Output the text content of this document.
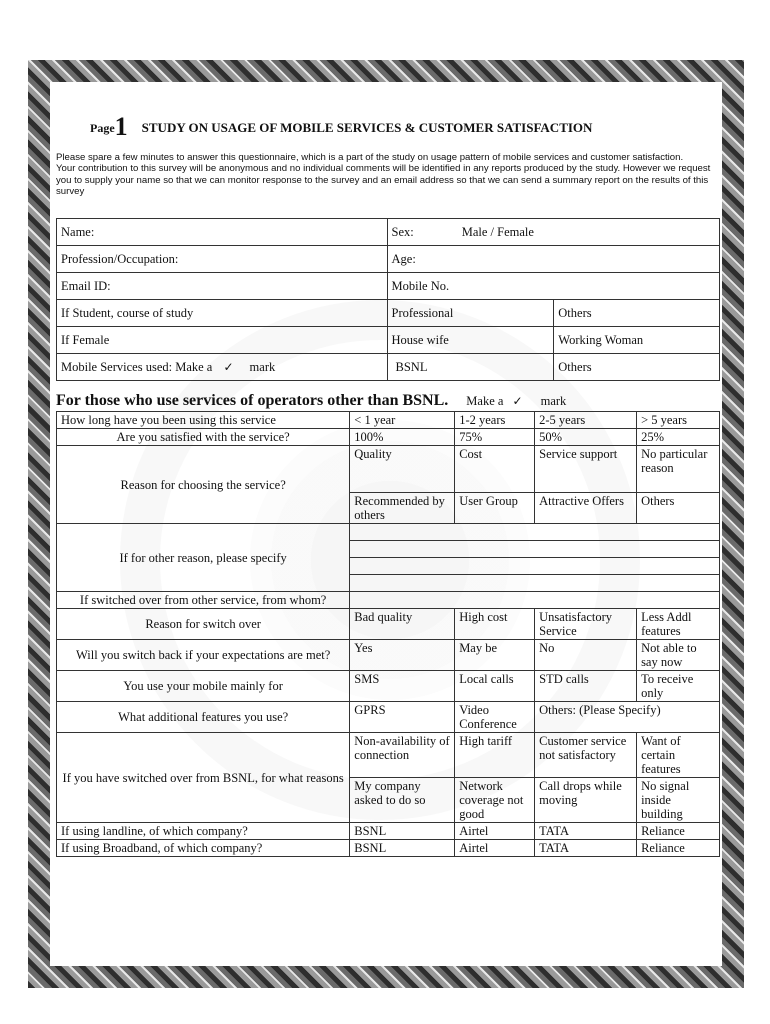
Page1 STUDY ON USAGE OF MOBILE SERVICES & CUSTOMER SATISFACTION
Please spare a few minutes to answer this questionnaire, which is a part of the study on usage pattern of mobile services and customer satisfaction.
Your contribution to this survey will be anonymous and no individual comments will be identified in any reports produced by the study. However we request you to supply your name so that we can monitor response to the survey and an email address so that we can send a summary report on the results of this survey
Name:	Sex: Male / Female	
Profession/Occupation:	Age:	
Email ID:	Mobile No.	
If Student, course of study	Professional	Others
If Female	House wife	Working Woman
Mobile Services used: Make a ✓ mark	BSNL	Others
For those who use services of operators other than BSNL. Make a ✓ mark
How long have you been using this service	< 1 year	1-2 years	2-5 years	> 5 years
Are you satisfied with the service?	100%	75%	50%	25%
Reason for choosing the service?	Quality	Cost	Service support	No particular reason
	Recommended by others	User Group	Attractive Offers	Others
If for other reason, please specify				

If switched over from other service, from whom?				
Reason for switch over	Bad quality	High cost	Unsatisfactory Service	Less Addl features
Will you switch back if your expectations are met?	Yes	May be	No	Not able to say now
You use your mobile mainly for	SMS	Local calls	STD calls	To receive only
What additional features you use?	GPRS	Video Conference	Others: (Please Specify)	
If you have switched over from BSNL, for what reasons	Non-availability of connection	High tariff	Customer service not satisfactory	Want of certain features
	My company asked to do so	Network coverage not good	Call drops while moving	No signal inside building
If using landline, of which company?	BSNL	Airtel	TATA	Reliance
If using Broadband, of which company?	BSNL	Airtel	TATA	Reliance
